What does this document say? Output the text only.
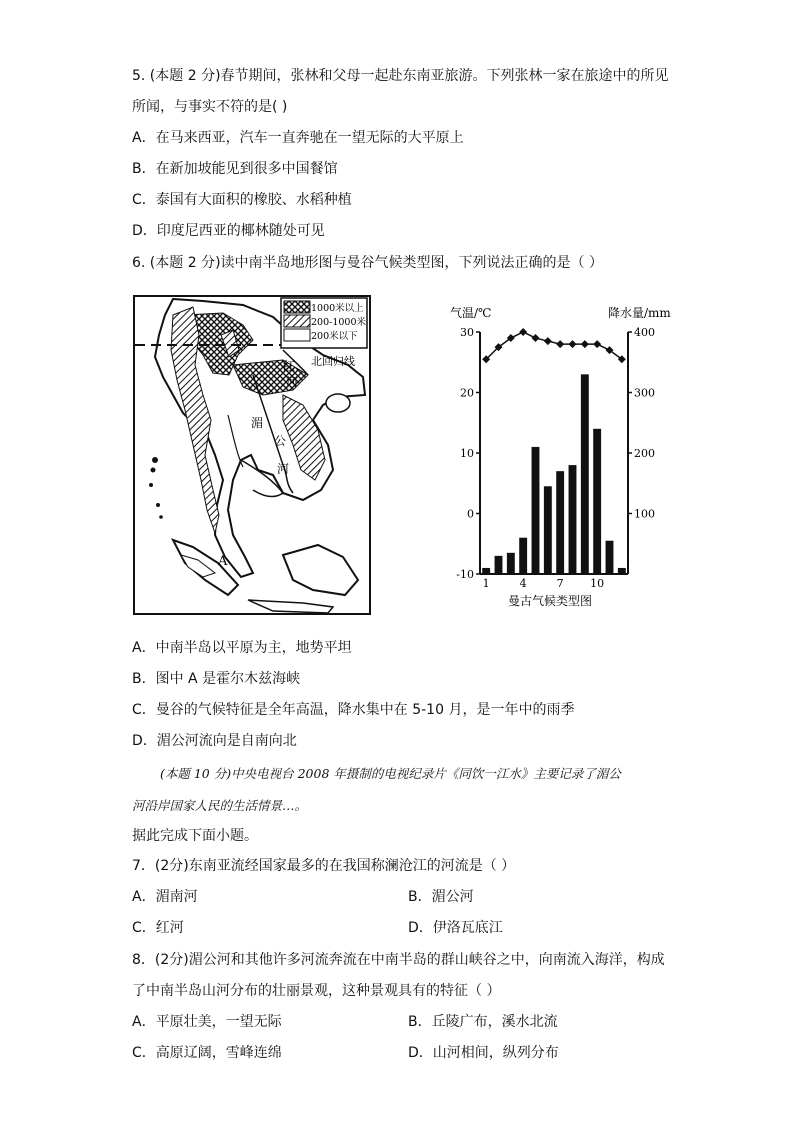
5. (本题 2 分)春节期间，张林和父母一起赴东南亚旅游。下列张林一家在旅途中的所见
所闻，与事实不符的是( )
A．在马来西亚，汽车一直奔驰在一望无际的大平原上
B．在新加坡能见到很多中国餐馆
C．泰国有大面积的橡胶、水稻种植
D．印度尼西亚的椰林随处可见
6. (本题 2 分)读中南半岛地形图与曼谷气候类型图，下列说法正确的是（ ）
北回归线
红
河
湄
公
河
A
1000米以上
200-1000米
200米以下
气温/℃	降水量/mm
30
20
10
0
-10
400
300
200
100
1	4	7 10
曼古气候类型图
A．中南半岛以平原为主，地势平坦
B．图中 A 是霍尔木兹海峡
C．曼谷的气候特征是全年高温，降水集中在 5-10 月，是一年中的雨季
D．湄公河流向是自南向北
(本题 10 分)中央电视台 2008 年摄制的电视纪录片《同饮一江水》主要记录了湄公
河沿岸国家人民的生活情景…。
据此完成下面小题。
7．(2分)东南亚流经国家最多的在我国称澜沧江的河流是（ ）
A．湄南河	B．湄公河
C．红河	D．伊洛瓦底江
8．(2分)湄公河和其他许多河流奔流在中南半岛的群山峡谷之中，向南流入海洋，构成
了中南半岛山河分布的壮丽景观，这种景观具有的特征（ ）
A．平原壮美，一望无际	B．丘陵广布，溪水北流
C．高原辽阔，雪峰连绵	D．山河相间，纵列分布
